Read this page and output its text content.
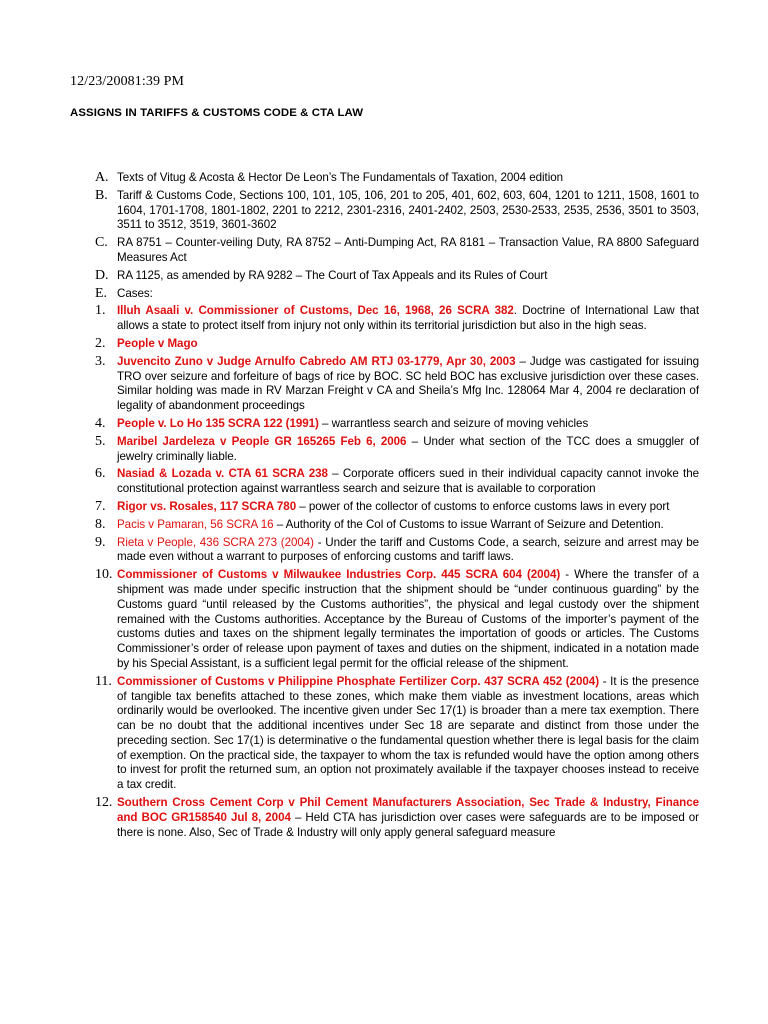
12/23/20081:39 PM
ASSIGNS IN TARIFFS & CUSTOMS CODE & CTA LAW
A. Texts of Vitug & Acosta & Hector De Leon’s The Fundamentals of Taxation, 2004 edition
B. Tariff & Customs Code, Sections 100, 101, 105, 106, 201 to 205, 401, 602, 603, 604, 1201 to 1211, 1508, 1601 to 1604, 1701-1708, 1801-1802, 2201 to 2212, 2301-2316, 2401-2402, 2503, 2530-2533, 2535, 2536, 3501 to 3503, 3511 to 3512, 3519, 3601-3602
C. RA 8751 – Counter-veiling Duty, RA 8752 – Anti-Dumping Act, RA 8181 – Transaction Value, RA 8800 Safeguard Measures Act
D. RA 1125, as amended by RA 9282 – The Court of Tax Appeals and its Rules of Court
E. Cases:
1. Illuh Asaali v. Commissioner of Customs, Dec 16, 1968, 26 SCRA 382. Doctrine of International Law that allows a state to protect itself from injury not only within its territorial jurisdiction but also in the high seas.
2. People v Mago
3. Juvencito Zuno v Judge Arnulfo Cabredo AM RTJ 03-1779, Apr 30, 2003 – Judge was castigated for issuing TRO over seizure and forfeiture of bags of rice by BOC. SC held BOC has exclusive jurisdiction over these cases. Similar holding was made in RV Marzan Freight v CA and Sheila’s Mfg Inc. 128064 Mar 4, 2004 re declaration of legality of abandonment proceedings
4. People v. Lo Ho 135 SCRA 122 (1991) – warrantless search and seizure of moving vehicles
5. Maribel Jardeleza v People GR 165265 Feb 6, 2006 – Under what section of the TCC does a smuggler of jewelry criminally liable.
6. Nasiad & Lozada v. CTA 61 SCRA 238 – Corporate officers sued in their individual capacity cannot invoke the constitutional protection against warrantless search and seizure that is available to corporation
7. Rigor vs. Rosales, 117 SCRA 780 – power of the collector of customs to enforce customs laws in every port
8. Pacis v Pamaran, 56 SCRA 16 – Authority of the Col of Customs to issue Warrant of Seizure and Detention.
9. Rieta v People, 436 SCRA 273 (2004) - Under the tariff and Customs Code, a search, seizure and arrest may be made even without a warrant to purposes of enforcing customs and tariff laws.
10. Commissioner of Customs v Milwaukee Industries Corp. 445 SCRA 604 (2004) - Where the transfer of a shipment was made under specific instruction that the shipment should be “under continuous guarding” by the Customs guard “until released by the Customs authorities”, the physical and legal custody over the shipment remained with the Customs authorities. Acceptance by the Bureau of Customs of the importer’s payment of the customs duties and taxes on the shipment legally terminates the importation of goods or articles. The Customs Commissioner’s order of release upon payment of taxes and duties on the shipment, indicated in a notation made by his Special Assistant, is a sufficient legal permit for the official release of the shipment.
11. Commissioner of Customs v Philippine Phosphate Fertilizer Corp. 437 SCRA 452 (2004) - It is the presence of tangible tax benefits attached to these zones, which make them viable as investment locations, areas which ordinarily would be overlooked. The incentive given under Sec 17(1) is broader than a mere tax exemption. There can be no doubt that the additional incentives under Sec 18 are separate and distinct from those under the preceding section. Sec 17(1) is determinative o the fundamental question whether there is legal basis for the claim of exemption. On the practical side, the taxpayer to whom the tax is refunded would have the option among others to invest for profit the returned sum, an option not proximately available if the taxpayer chooses instead to receive a tax credit.
12. Southern Cross Cement Corp v Phil Cement Manufacturers Association, Sec Trade & Industry, Finance and BOC GR158540 Jul 8, 2004 – Held CTA has jurisdiction over cases were safeguards are to be imposed or there is none. Also, Sec of Trade & Industry will only apply general safeguard measure
